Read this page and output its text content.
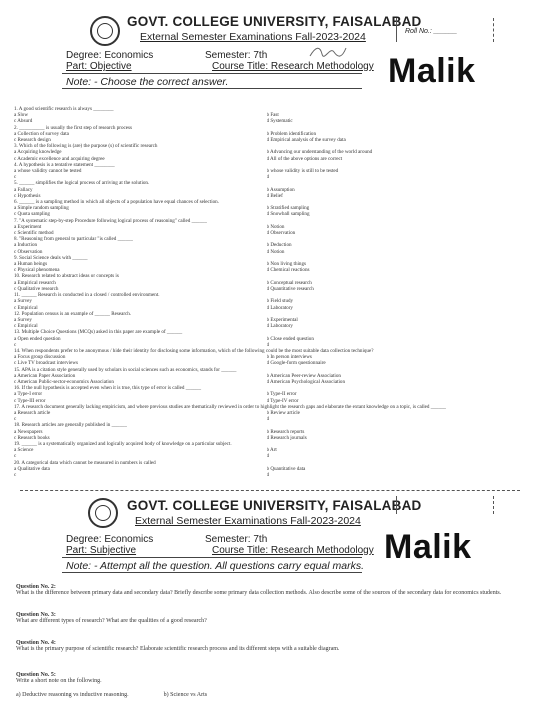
GOVT. COLLEGE UNIVERSITY, FAISALABAD
External Semester Examinations Fall-2023-2024	Roll No.: ______
Degree: Economics	Semester: 7th
Part: Objective	Course Title: Research Methodology Malik
Note: - Choose the correct answer.
1. A good scientific research is always ________
a Slow	b Fast
c Absurd	d Systematic
2. __________ is usually the first step of research process
a Collection of survey data	b Problem identification
c Research design	d Empirical analysis of the survey data
3. Which of the following is (are) the purpose (s) of scientific research
a Acquiring knowledge	b Advancing our understanding of the world around
c Academic excellence and acquiring degree	d All of the above options are correct
4. A hypothesis is a tentative statement ________
a whose validity cannot be tested	b whose validity is still to be tested
c	d
5. ______ simplifies the logical process of arriving at the solution.
a Fallacy	b Assumption
c Hypothesis	d Belief
6. ______ is a sampling method in which all objects of a population have equal chances of selection.
a Simple random sampling	b Stratified sampling
c Quota sampling	d Snowball sampling
7. "A systematic step-by-step Procedure following logical process of reasoning" called ______
a Experiment	b Notion
c Scientific method	d Observation
8. "Reasoning from general to particular "is called ______
a Induction	b Deduction
c Observation	d Notion
9. Social Science deals with ______
a Human beings	b Non living things
c Physical phenomena	d Chemical reactions
10. Research related to abstract ideas or concepts is
a Empirical research	b Conceptual research
c Qualitative research	d Quantitative research
11. ______ Research is conducted in a closed / controlled environment.
a Survey	b Field study
c Empirical	d Laboratory
12. Population census is an example of ______ Research.
a Survey	b Experimental
c Empirical	d Laboratory
13. Multiple Choice Questions (MCQs) asked in this paper are example of ______
a Open ended question	b Close ended question
c	d
14. When respondents prefer to be anonymous / hide their identity for disclosing some information, which of the following could be the most suitable data collection technique?
a Focus group discussion	b In person interviews
c Live TV broadcast interviews	d Google-form questionnaire
15. APA is a citation style generally used by scholars in social sciences such as economics, stands for ______
a American Paper Association	b American Peer-review Association
c American Public-sector-economics Association	d American Psychological Association
16. If the null hypothesis is accepted even when it is true, this type of error is called ______
a Type-I error	b Type-II error
c Type-III error	d Type-IV error
17. A research document generally lacking empiricism, and where previous studies are thematically reviewed in order to highlight the research gaps and elaborate the extant knowledge on a topic, is called ______
a Research article	b Review article
c	d
18. Research articles are generally published in ______
a Newspapers	b Research reports
c Research books	d Research journals
19. ______ is a systematically organized and logically acquired body of knowledge on a particular subject.
a Science	b Art
c	d
20. A categorical data which cannot be measured in numbers is called
a Qualitative data	b Quantitative data
c	d
GOVT. COLLEGE UNIVERSITY, FAISALABAD
External Semester Examinations Fall-2023-2024
Degree: Economics	Semester: 7th
Part: Subjective	Course Title: Research Methodology Malik
Note: - Attempt all the question. All questions carry equal marks.
Question No. 2:
What is the difference between primary data and secondary data? Briefly describe some primary data collection methods. Also describe some of the sources of the secondary data for economics students.
Question No. 3:
What are different types of research? What are the qualities of a good research?
Question No. 4:
What is the primary purpose of scientific research? Elaborate scientific research process and its different steps with a suitable diagram.
Question No. 5:
Write a short note on the following.
a) Deductive reasoning vs inductive reasoning.	b) Science vs Arts
